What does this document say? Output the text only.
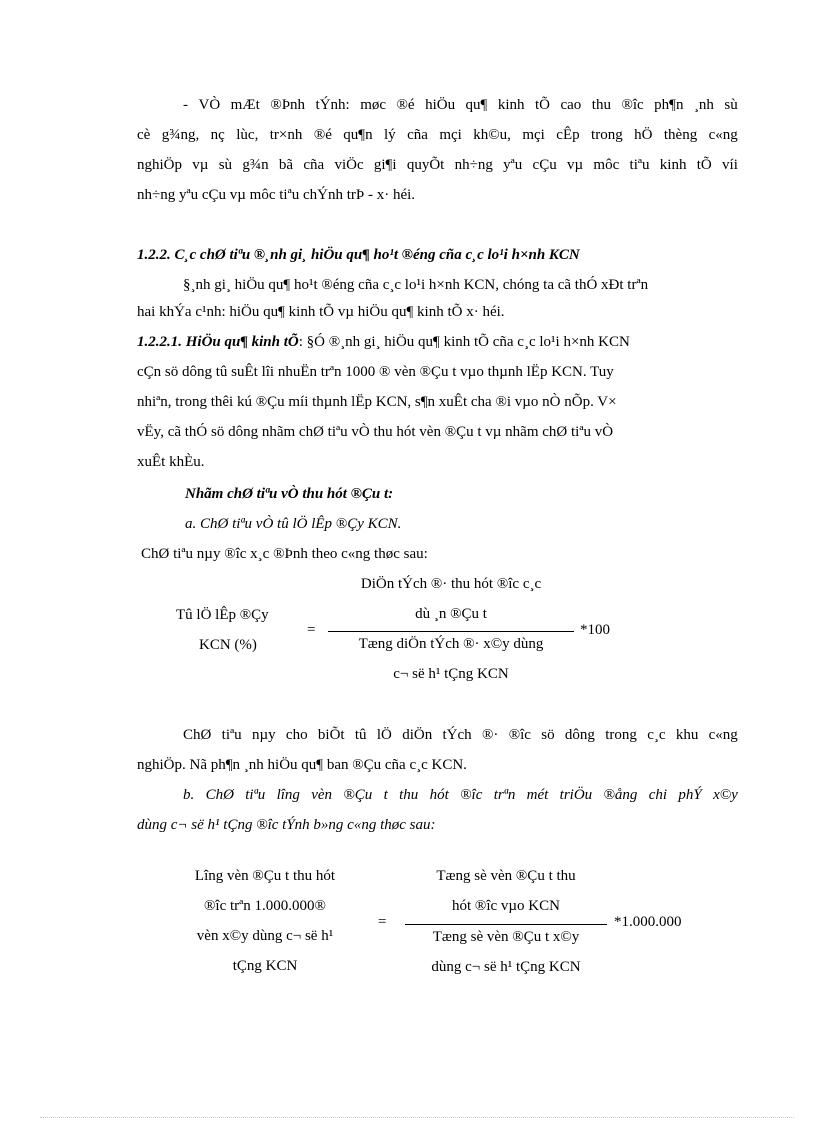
- VÒ mÆt ®Þnh tÝnh: møc ®é hiÖu qu¶ kinh tÕ cao thu ®îc ph¶n ¸nh sù
cè g¾ng, nç lùc, tr×nh ®é qu¶n lý cña mçi kh©u, mçi cÊp trong hÖ thèng c«ng
nghiÖp vµ sù g¾n bã cña viÖc gi¶i quyÕt nh÷ng yªu cÇu vµ môc tiªu kinh tÕ víi
nh÷ng yªu cÇu vµ môc tiªu chÝnh trÞ - x· héi.
1.2.2. C¸c chØ tiªu ®¸nh gi¸ hiÖu qu¶ ho¹t ®éng cña c¸c lo¹i h×nh KCN
§¸nh gi¸ hiÖu qu¶ ho¹t ®éng cña c¸c lo¹i h×nh KCN, chóng ta cã thÓ xÐt trªn
hai khÝa c¹nh: hiÖu qu¶ kinh tÕ vµ hiÖu qu¶ kinh tÕ x· héi.
1.2.2.1. HiÖu qu¶ kinh tÕ: §Ó ®¸nh gi¸ hiÖu qu¶ kinh tÕ cña c¸c lo¹i h×nh KCN
cÇn sö dông tû suÊt lîi nhuËn trªn 1000 ® vèn ®Çu t vµo thµnh lËp KCN. Tuy
nhiªn, trong thêi kú ®Çu míi thµnh lËp KCN, s¶n xuÊt cha ®i vµo nÒ nÕp. V×
vËy, cã thÓ sö dông nhãm chØ tiªu vÒ thu hót vèn ®Çu t vµ nhãm chØ tiªu vÒ
xuÊt khÈu.
Nhãm chØ tiªu vÒ thu hót ®Çu t:
a. ChØ tiªu vÒ tû lÖ lÊp ®Çy KCN.
ChØ tiªu nµy ®îc x¸c ®Þnh theo c«ng thøc sau:
Tû lÖ lÊp ®Çy
KCN (%)
=
DiÖn tÝch ®· thu hót ®îc c¸c
dù ¸n ®Çu t
Tæng diÖn tÝch ®· x©y dùng
c¬ së h¹ tÇng KCN
*100
ChØ tiªu nµy cho biÕt tû lÖ diÖn tÝch ®· ®îc sö dông trong c¸c khu c«ng
nghiÖp. Nã ph¶n ¸nh hiÖu qu¶ ban ®Çu cña c¸c KCN.
b. ChØ tiªu lîng vèn ®Çu t thu hót ®îc trªn mét triÖu ®ång chi phÝ x©y
dùng c¬ së h¹ tÇng ®îc tÝnh b»ng c«ng thøc sau:
Lîng vèn ®Çu t thu hót
®îc trªn 1.000.000®
vèn x©y dùng c¬ së h¹
tÇng KCN
=
Tæng sè vèn ®Çu t thu
hót ®îc vµo KCN
Tæng sè vèn ®Çu t x©y
dùng c¬ së h¹ tÇng KCN
*1.000.000
